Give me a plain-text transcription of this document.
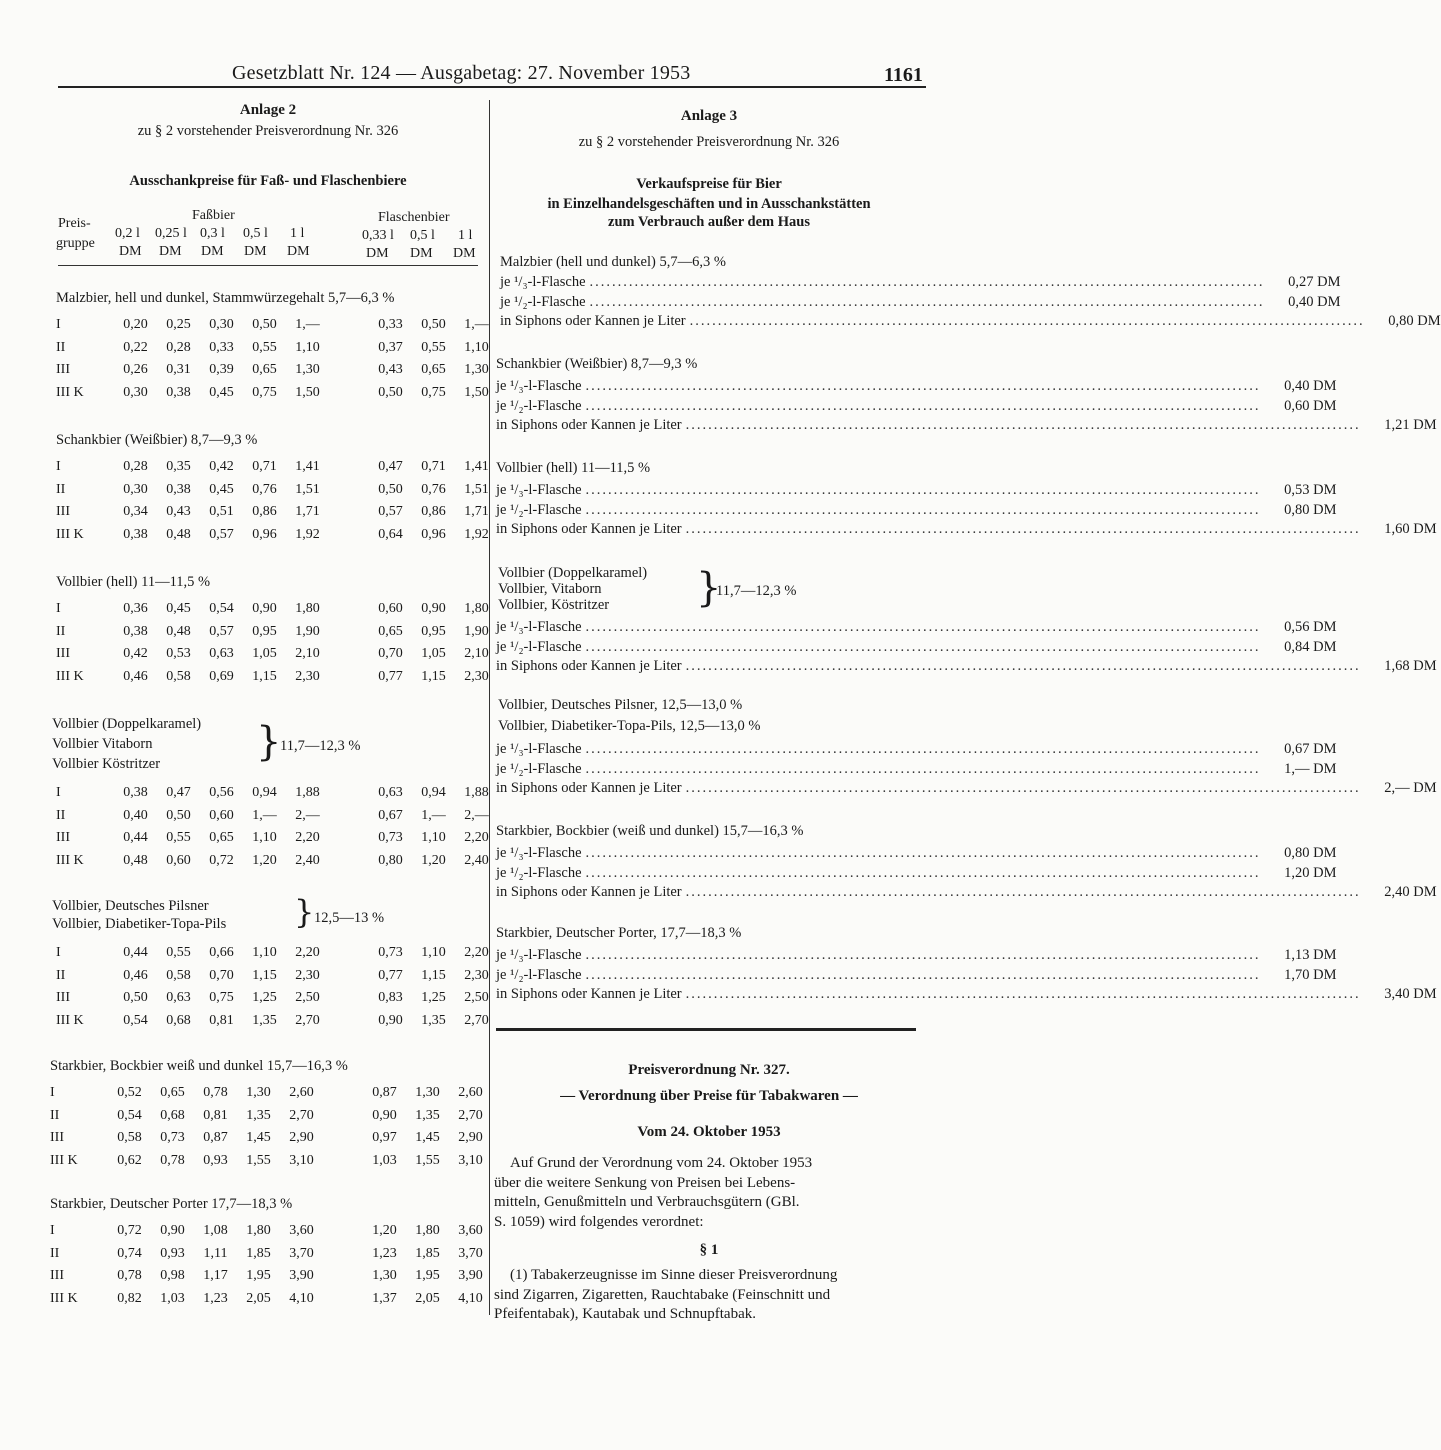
Gesetzblatt Nr. 124 — Ausgabetag: 27. November 1953	1161
Anlage 2
zu § 2 vorstehender Preisverordnung Nr. 326
Ausschankpreise für Faß- und Flaschenbiere
Preis-
gruppe
Faßbier	Flaschenbier
0,2 l 0,25 l 0,3 l 0,5 l 1 l	0,33 l 0,5 l 1 l
DM DM DM DM DM	DM DM DM
Malzbier, hell und dunkel, Stammwürzegehalt 5,7—6,3 %
I	0,20	0,25	0,30	0,50	1,—		0,33	0,50	1,—
II	0,22	0,28	0,33	0,55	1,10		0,37	0,55	1,10
III	0,26	0,31	0,39	0,65	1,30		0,43	0,65	1,30
III K	0,30	0,38	0,45	0,75	1,50		0,50	0,75	1,50
Schankbier (Weißbier) 8,7—9,3 %
I	0,28	0,35	0,42	0,71	1,41		0,47	0,71	1,41
II	0,30	0,38	0,45	0,76	1,51		0,50	0,76	1,51
III	0,34	0,43	0,51	0,86	1,71		0,57	0,86	1,71
III K	0,38	0,48	0,57	0,96	1,92		0,64	0,96	1,92
Vollbier (hell) 11—11,5 %
I	0,36	0,45	0,54	0,90	1,80		0,60	0,90	1,80
II	0,38	0,48	0,57	0,95	1,90		0,65	0,95	1,90
III	0,42	0,53	0,63	1,05	2,10		0,70	1,05	2,10
III K	0,46	0,58	0,69	1,15	2,30		0,77	1,15	2,30
Vollbier (Doppelkaramel)
Vollbier Vitaborn
Vollbier Köstritzer }
11,7—12,3 %
I	0,38	0,47	0,56	0,94	1,88		0,63	0,94	1,88
II	0,40	0,50	0,60	1,—	2,—		0,67	1,—	2,—
III	0,44	0,55	0,65	1,10	2,20		0,73	1,10	2,20
III K	0,48	0,60	0,72	1,20	2,40		0,80	1,20	2,40
Vollbier, Deutsches Pilsner
Vollbier, Diabetiker-Topa-Pils } 12,5—13 %
I	0,44	0,55	0,66	1,10	2,20		0,73	1,10	2,20
II	0,46	0,58	0,70	1,15	2,30		0,77	1,15	2,30
III	0,50	0,63	0,75	1,25	2,50		0,83	1,25	2,50
III K	0,54	0,68	0,81	1,35	2,70		0,90	1,35	2,70
Starkbier, Bockbier weiß und dunkel 15,7—16,3 %
I	0,52	0,65	0,78	1,30	2,60		0,87	1,30	2,60
II	0,54	0,68	0,81	1,35	2,70		0,90	1,35	2,70
III	0,58	0,73	0,87	1,45	2,90		0,97	1,45	2,90
III K	0,62	0,78	0,93	1,55	3,10		1,03	1,55	3,10
Starkbier, Deutscher Porter 17,7—18,3 %
I	0,72	0,90	1,08	1,80	3,60		1,20	1,80	3,60
II	0,74	0,93	1,11	1,85	3,70		1,23	1,85	3,70
III	0,78	0,98	1,17	1,95	3,90		1,30	1,95	3,90
III K	0,82	1,03	1,23	2,05	4,10		1,37	2,05	4,10
Anlage 3
zu § 2 vorstehender Preisverordnung Nr. 326
Verkaufspreise für Bier
in Einzelhandelsgeschäften und in Ausschankstätten
zum Verbrauch außer dem Haus
Malzbier (hell und dunkel) 5,7—6,3 %
je ¹/₃-l-Flasche ........................................................................................................................	0,27 DM
je ¹/₂-l-Flasche ........................................................................................................................	0,40 DM
in Siphons oder Kannen je Liter ........................................................................................................................	0,80 DM
Schankbier (Weißbier) 8,7—9,3 %
je ¹/₃-l-Flasche ........................................................................................................................	0,40 DM
je ¹/₂-l-Flasche ........................................................................................................................	0,60 DM
in Siphons oder Kannen je Liter ........................................................................................................................	1,21 DM
Vollbier (hell) 11—11,5 %
je ¹/₃-l-Flasche ........................................................................................................................	0,53 DM
je ¹/₂-l-Flasche ........................................................................................................................	0,80 DM
in Siphons oder Kannen je Liter ........................................................................................................................	1,60 DM
Vollbier (Doppelkaramel)
Vollbier, Vitaborn
Vollbier, Köstritzer }
11,7—12,3 %
je ¹/₃-l-Flasche ........................................................................................................................	0,56 DM
je ¹/₂-l-Flasche ........................................................................................................................	0,84 DM
in Siphons oder Kannen je Liter ........................................................................................................................	1,68 DM
Vollbier, Deutsches Pilsner, 12,5—13,0 %
Vollbier, Diabetiker-Topa-Pils, 12,5—13,0 %
je ¹/₃-l-Flasche ........................................................................................................................	0,67 DM
je ¹/₂-l-Flasche ........................................................................................................................	1,— DM
in Siphons oder Kannen je Liter ........................................................................................................................	2,— DM
Starkbier, Bockbier (weiß und dunkel) 15,7—16,3 %
je ¹/₃-l-Flasche ........................................................................................................................	0,80 DM
je ¹/₂-l-Flasche ........................................................................................................................	1,20 DM
in Siphons oder Kannen je Liter ........................................................................................................................	2,40 DM
Starkbier, Deutscher Porter, 17,7—18,3 %
je ¹/₃-l-Flasche ........................................................................................................................	1,13 DM
je ¹/₂-l-Flasche ........................................................................................................................	1,70 DM
in Siphons oder Kannen je Liter ........................................................................................................................	3,40 DM
Preisverordnung Nr. 327.
— Verordnung über Preise für Tabakwaren —
Vom 24. Oktober 1953
Auf Grund der Verordnung vom 24. Oktober 1953
über die weitere Senkung von Preisen bei Lebens-
mitteln, Genußmitteln und Verbrauchsgütern (GBl.
S. 1059) wird folgendes verordnet:
§ 1
(1) Tabakerzeugnisse im Sinne dieser Preisverordnung
sind Zigarren, Zigaretten, Rauchtabake (Feinschnitt und
Pfeifentabak), Kautabak und Schnupftabak.
